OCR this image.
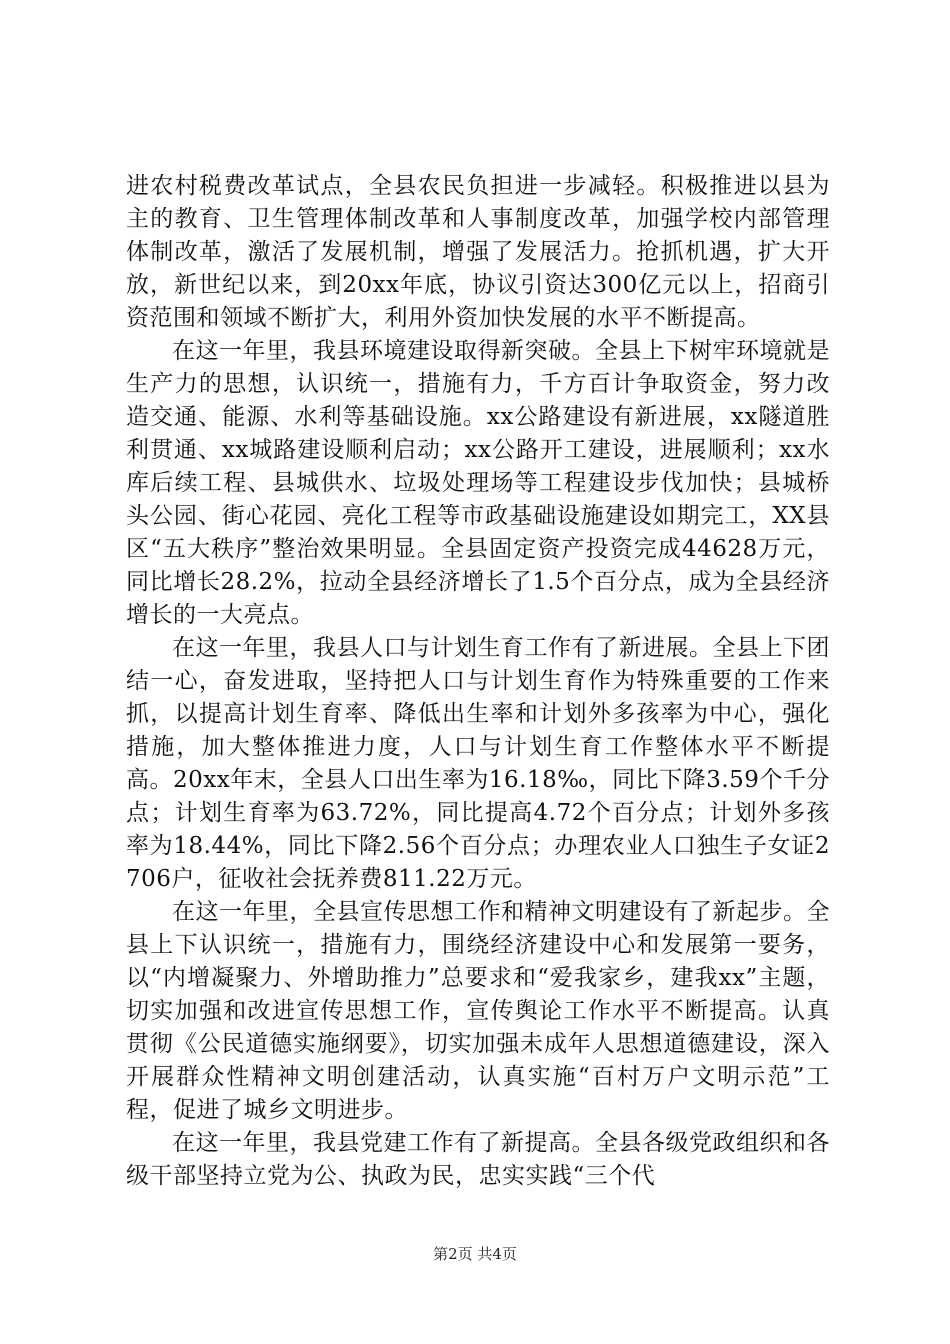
进农村税费改革试点，全县农民负担进一步减轻。积极推进以县为主的教育、卫生管理体制改革和人事制度改革，加强学校内部管理体制改革，激活了发展机制，增强了发展活力。抢抓机遇，扩大开放，新世纪以来，到20xx年底，协议引资达300亿元以上，招商引资范围和领域不断扩大，利用外资加快发展的水平不断提高。

在这一年里，我县环境建设取得新突破。全县上下树牢环境就是生产力的思想，认识统一，措施有力，千方百计争取资金，努力改造交通、能源、水利等基础设施。xx公路建设有新进展，xx隧道胜利贯通、xx城路建设顺利启动；xx公路开工建设，进展顺利；xx水库后续工程、县城供水、垃圾处理场等工程建设步伐加快；县城桥头公园、街心花园、亮化工程等市政基础设施建设如期完工，XX县区“五大秩序”整治效果明显。全县固定资产投资完成44628万元，同比增长28.2%，拉动全县经济增长了1.5个百分点，成为全县经济增长的一大亮点。

在这一年里，我县人口与计划生育工作有了新进展。全县上下团结一心，奋发进取，坚持把人口与计划生育作为特殊重要的工作来抓，以提高计划生育率、降低出生率和计划外多孩率为中心，强化措施，加大整体推进力度，人口与计划生育工作整体水平不断提高。20xx年末，全县人口出生率为16.18‰，同比下降3.59个千分点；计划生育率为63.72%，同比提高4.72个百分点；计划外多孩率为18.44%，同比下降2.56个百分点；办理农业人口独生子女证2706户，征收社会抚养费811.22万元。

在这一年里，全县宣传思想工作和精神文明建设有了新起步。全县上下认识统一，措施有力，围绕经济建设中心和发展第一要务，以“内增凝聚力、外增助推力”总要求和“爱我家乡，建我xx”主题，切实加强和改进宣传思想工作，宣传舆论工作水平不断提高。认真贯彻《公民道德实施纲要》，切实加强未成年人思想道德建设，深入开展群众性精神文明创建活动，认真实施“百村万户文明示范”工程，促进了城乡文明进步。

在这一年里，我县党建工作有了新提高。全县各级党政组织和各级干部坚持立党为公、执政为民，忠实实践“三个代

第2页 共4页
